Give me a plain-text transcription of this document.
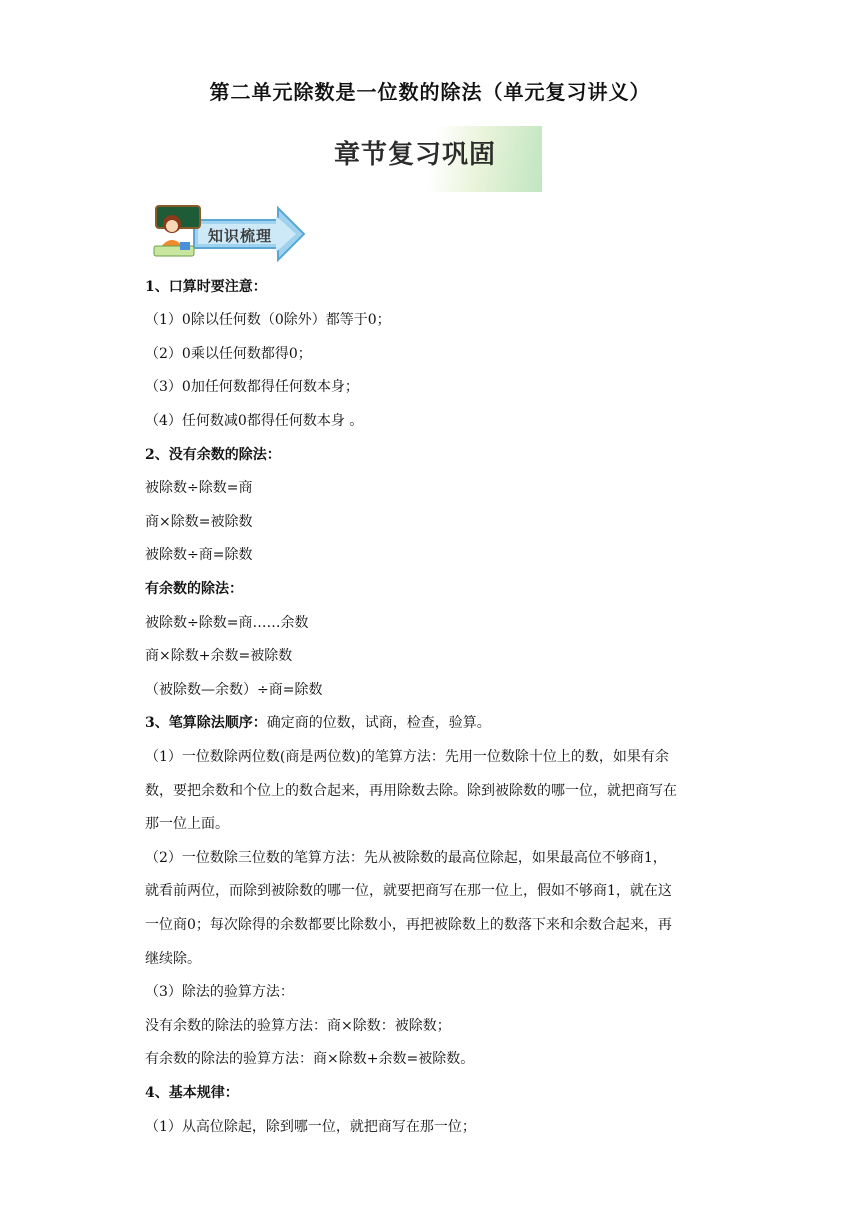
第二单元除数是一位数的除法（单元复习讲义）
章节复习巩固
知识梳理
1、口算时要注意：
（1）0除以任何数（0除外）都等于0；
（2）0乘以任何数都得0；
（3）0加任何数都得任何数本身；
（4）任何数减0都得任何数本身 。
2、没有余数的除法：
被除数÷除数=商
商×除数=被除数
被除数÷商=除数
有余数的除法：
被除数÷除数=商……余数
商×除数+余数=被除数
（被除数—余数）÷商=除数
3、笔算除法顺序：确定商的位数，试商，检查，验算。
（1）一位数除两位数(商是两位数)的笔算方法：先用一位数除十位上的数，如果有余
数，要把余数和个位上的数合起来，再用除数去除。除到被除数的哪一位，就把商写在
那一位上面。
（2）一位数除三位数的笔算方法：先从被除数的最高位除起，如果最高位不够商1，
就看前两位，而除到被除数的哪一位，就要把商写在那一位上，假如不够商1，就在这
一位商0；每次除得的余数都要比除数小，再把被除数上的数落下来和余数合起来，再
继续除。
（3）除法的验算方法：
没有余数的除法的验算方法：商×除数：被除数；
有余数的除法的验算方法：商×除数+余数=被除数。
4、基本规律：
（1）从高位除起，除到哪一位，就把商写在那一位；
